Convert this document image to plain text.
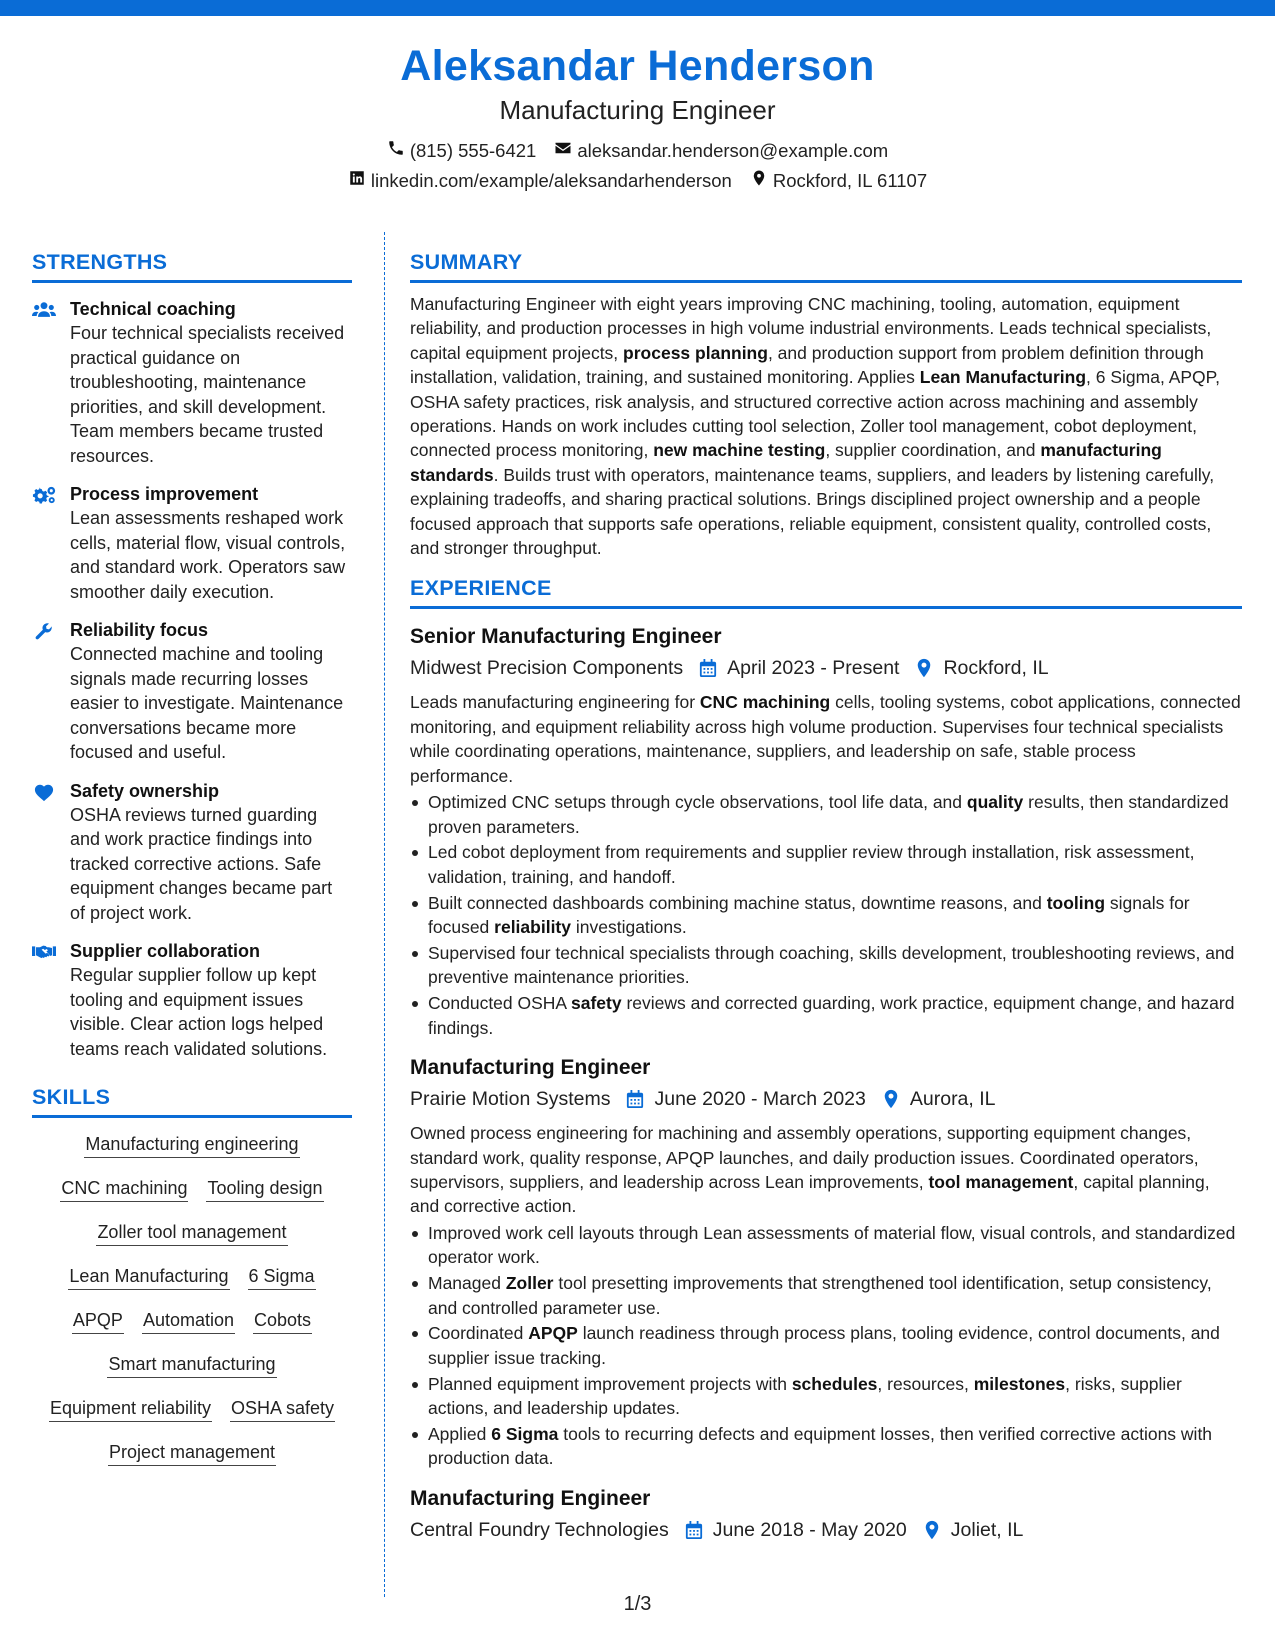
Aleksandar Henderson
Manufacturing Engineer
(815) 555-6421 aleksandar.henderson@example.com
linkedin.com/example/aleksandarhenderson Rockford, IL 61107
STRENGTHS
Technical coaching
Four technical specialists received practical guidance on troubleshooting, maintenance priorities, and skill development. Team members became trusted resources.
Process improvement
Lean assessments reshaped work cells, material flow, visual controls, and standard work. Operators saw smoother daily execution.
Reliability focus
Connected machine and tooling signals made recurring losses easier to investigate. Maintenance conversations became more focused and useful.
Safety ownership
OSHA reviews turned guarding and work practice findings into tracked corrective actions. Safe equipment changes became part of project work.
Supplier collaboration
Regular supplier follow up kept tooling and equipment issues visible. Clear action logs helped teams reach validated solutions.
SKILLS
Manufacturing engineering
CNC machining Tooling design
Zoller tool management
Lean Manufacturing 6 Sigma
APQP Automation Cobots
Smart manufacturing
Equipment reliability OSHA safety
Project management
SUMMARY
Manufacturing Engineer with eight years improving CNC machining, tooling, automation, equipment reliability, and production processes in high volume industrial environments. Leads technical specialists, capital equipment projects, process planning, and production support from problem definition through installation, validation, training, and sustained monitoring. Applies Lean Manufacturing, 6 Sigma, APQP, OSHA safety practices, risk analysis, and structured corrective action across machining and assembly operations. Hands on work includes cutting tool selection, Zoller tool management, cobot deployment, connected process monitoring, new machine testing, supplier coordination, and manufacturing standards. Builds trust with operators, maintenance teams, suppliers, and leaders by listening carefully, explaining tradeoffs, and sharing practical solutions. Brings disciplined project ownership and a people focused approach that supports safe operations, reliable equipment, consistent quality, controlled costs, and stronger throughput.
EXPERIENCE
Senior Manufacturing Engineer
Midwest Precision Components April 2023 - Present Rockford, IL
Leads manufacturing engineering for CNC machining cells, tooling systems, cobot applications, connected monitoring, and equipment reliability across high volume production. Supervises four technical specialists while coordinating operations, maintenance, suppliers, and leadership on safe, stable process performance.
Optimized CNC setups through cycle observations, tool life data, and quality results, then standardized proven parameters.
Led cobot deployment from requirements and supplier review through installation, risk assessment, validation, training, and handoff.
Built connected dashboards combining machine status, downtime reasons, and tooling signals for focused reliability investigations.
Supervised four technical specialists through coaching, skills development, troubleshooting reviews, and preventive maintenance priorities.
Conducted OSHA safety reviews and corrected guarding, work practice, equipment change, and hazard findings.
Manufacturing Engineer
Prairie Motion Systems June 2020 - March 2023 Aurora, IL
Owned process engineering for machining and assembly operations, supporting equipment changes, standard work, quality response, APQP launches, and daily production issues. Coordinated operators, supervisors, suppliers, and leadership across Lean improvements, tool management, capital planning, and corrective action.
Improved work cell layouts through Lean assessments of material flow, visual controls, and standardized operator work.
Managed Zoller tool presetting improvements that strengthened tool identification, setup consistency, and controlled parameter use.
Coordinated APQP launch readiness through process plans, tooling evidence, control documents, and supplier issue tracking.
Planned equipment improvement projects with schedules, resources, milestones, risks, supplier actions, and leadership updates.
Applied 6 Sigma tools to recurring defects and equipment losses, then verified corrective actions with production data.
Manufacturing Engineer
Central Foundry Technologies June 2018 - May 2020 Joliet, IL
1/3
